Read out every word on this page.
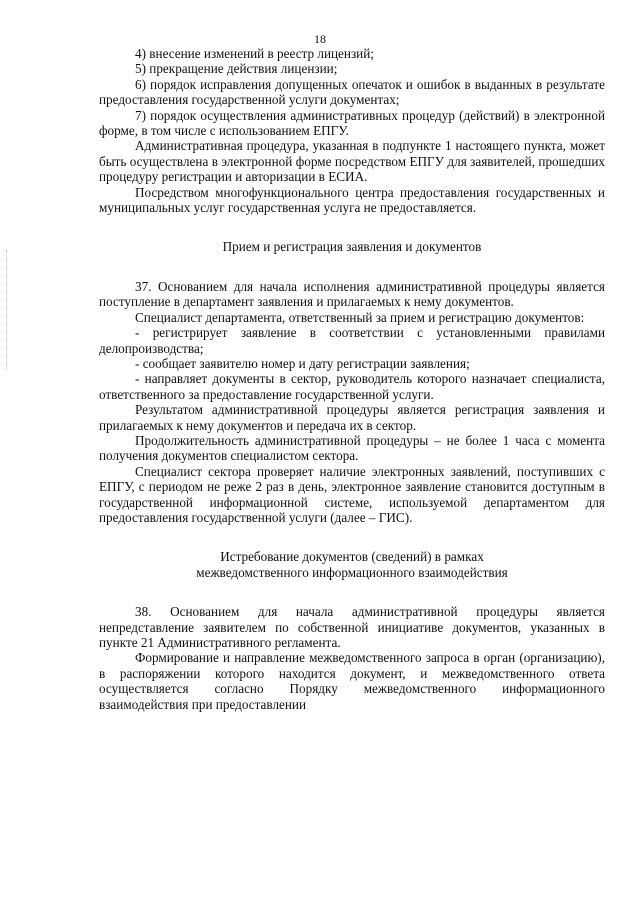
18

4) внесение изменений в реестр лицензий;

5) прекращение действия лицензии;

6) порядок исправления допущенных опечаток и ошибок в выданных в результате предоставления государственной услуги документах;

7) порядок осуществления административных процедур (действий) в электронной форме, в том числе с использованием ЕПГУ.

Административная процедура, указанная в подпункте 1 настоящего пункта, может быть осуществлена в электронной форме посредством ЕПГУ для заявителей, прошедших процедуру регистрации и авторизации в ЕСИА.

Посредством многофункционального центра предоставления государственных и муниципальных услуг государственная услуга не предоставляется.

Прием и регистрация заявления и документов

37. Основанием для начала исполнения административной процедуры является поступление в департамент заявления и прилагаемых к нему документов.

Специалист департамента, ответственный за прием и регистрацию документов:

- регистрирует заявление в соответствии с установленными правилами делопроизводства;

- сообщает заявителю номер и дату регистрации заявления;

- направляет документы в сектор, руководитель которого назначает специалиста, ответственного за предоставление государственной услуги.

Результатом административной процедуры является регистрация заявления и прилагаемых к нему документов и передача их в сектор.

Продолжительность административной процедуры – не более 1 часа с момента получения документов специалистом сектора.

Специалист сектора проверяет наличие электронных заявлений, поступивших с ЕПГУ, с периодом не реже 2 раз в день, электронное заявление становится доступным в государственной информационной системе, используемой департаментом для предоставления государственной услуги (далее – ГИС).

Истребование документов (сведений) в рамках

межведомственного информационного взаимодействия

38. Основанием для начала административной процедуры является непредставление заявителем по собственной инициативе документов, указанных в пункте 21 Административного регламента.

Формирование и направление межведомственного запроса в орган (организацию), в распоряжении которого находится документ, и межведомственного ответа осуществляется согласно Порядку межведомственного информационного взаимодействия при предоставлении
